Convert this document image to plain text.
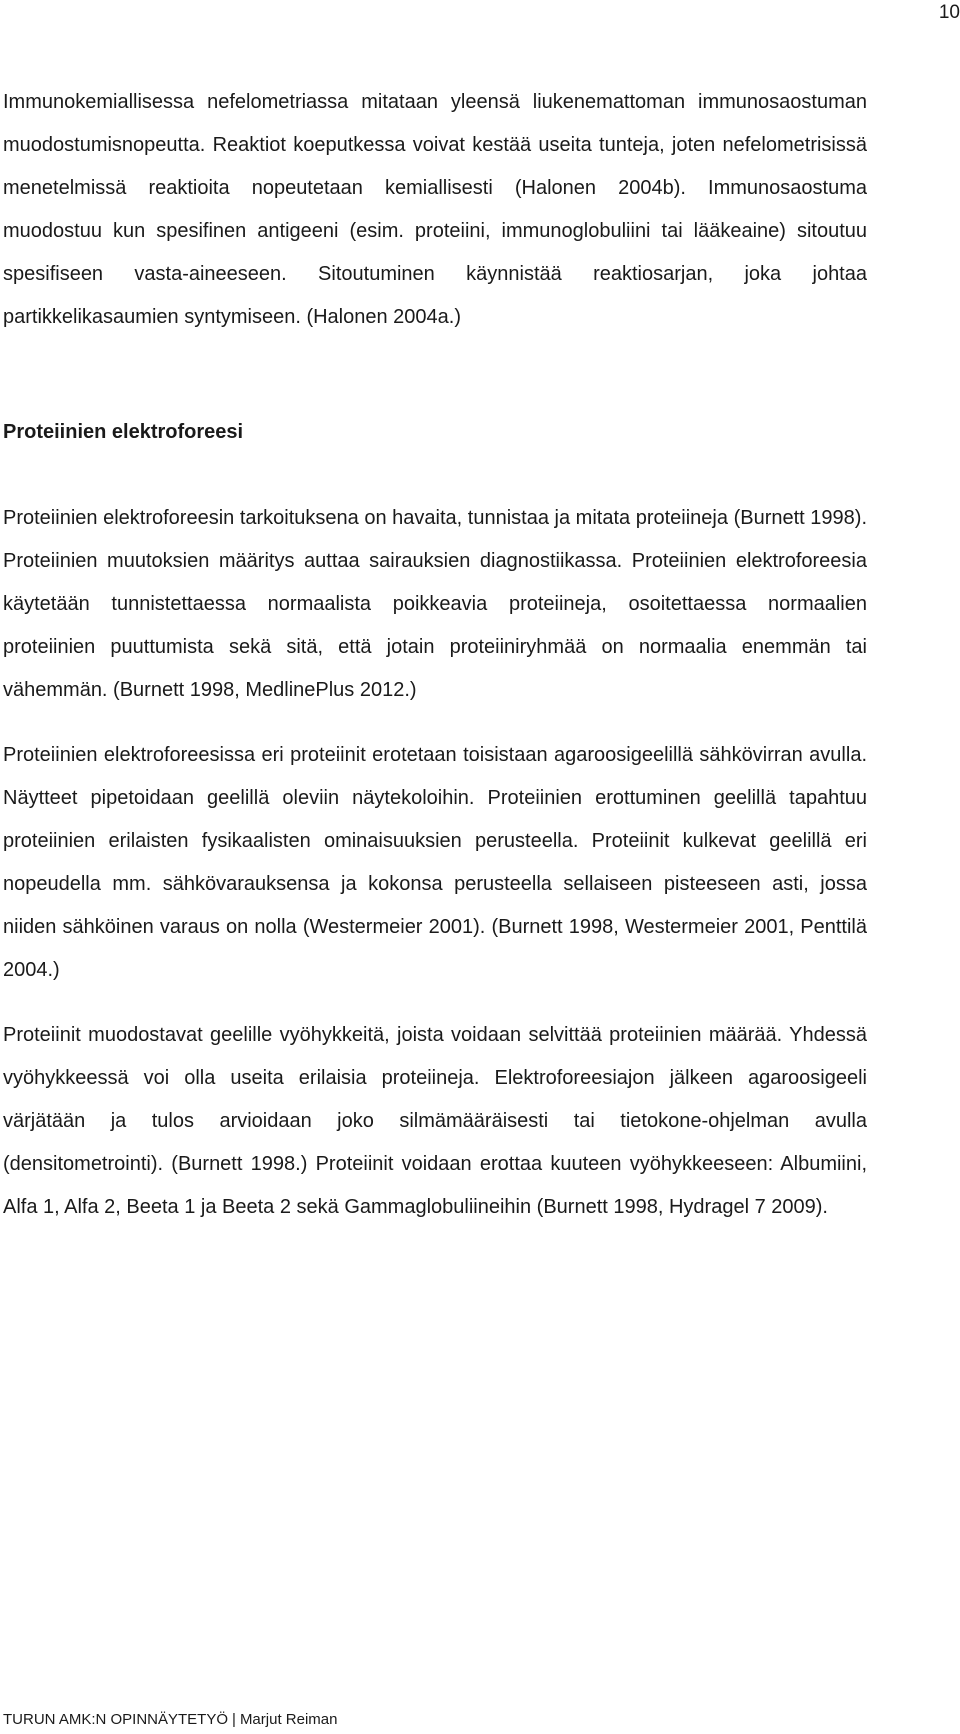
10

Immunokemiallisessa nefelometriassa mitataan yleensä liukenemattoman immunosaostuman muodostumisnopeutta. Reaktiot koeputkessa voivat kestää useita tunteja, joten nefelometrisissä menetelmissä reaktioita nopeutetaan kemiallisesti (Halonen 2004b). Immunosaostuma muodostuu kun spesifinen antigeeni (esim. proteiini, immunoglobuliini tai lääkeaine) sitoutuu spesifiseen vasta-aineeseen. Sitoutuminen käynnistää reaktiosarjan, joka johtaa partikkelikasaumien syntymiseen. (Halonen 2004a.)

Proteiinien elektroforeesi

Proteiinien elektroforeesin tarkoituksena on havaita, tunnistaa ja mitata proteiineja (Burnett 1998). Proteiinien muutoksien määritys auttaa sairauksien diagnostiikassa. Proteiinien elektroforeesia käytetään tunnistettaessa normaalista poikkeavia proteiineja, osoitettaessa normaalien proteiinien puuttumista sekä sitä, että jotain proteiiniryhmää on normaalia enemmän tai vähemmän. (Burnett 1998, MedlinePlus 2012.)

Proteiinien elektroforeesissa eri proteiinit erotetaan toisistaan agaroosigeelillä sähkövirran avulla. Näytteet pipetoidaan geelillä oleviin näytekoloihin. Proteiinien erottuminen geelillä tapahtuu proteiinien erilaisten fysikaalisten ominaisuuksien perusteella. Proteiinit kulkevat geelillä eri nopeudella mm. sähkövarauksensa ja kokonsa perusteella sellaiseen pisteeseen asti, jossa niiden sähköinen varaus on nolla (Westermeier 2001). (Burnett 1998, Westermeier 2001, Penttilä 2004.)

Proteiinit muodostavat geelille vyöhykkeitä, joista voidaan selvittää proteiinien määrää. Yhdessä vyöhykkeessä voi olla useita erilaisia proteiineja. Elektroforeesiajon jälkeen agaroosigeeli värjätään ja tulos arvioidaan joko silmämääräisesti tai tietokone-ohjelman avulla (densitometrointi). (Burnett 1998.) Proteiinit voidaan erottaa kuuteen vyöhykkeeseen: Albumiini, Alfa 1, Alfa 2, Beeta 1 ja Beeta 2 sekä Gammaglobuliineihin (Burnett 1998, Hydragel 7 2009).

TURUN AMK:N OPINNÄYTETYÖ | Marjut Reiman
